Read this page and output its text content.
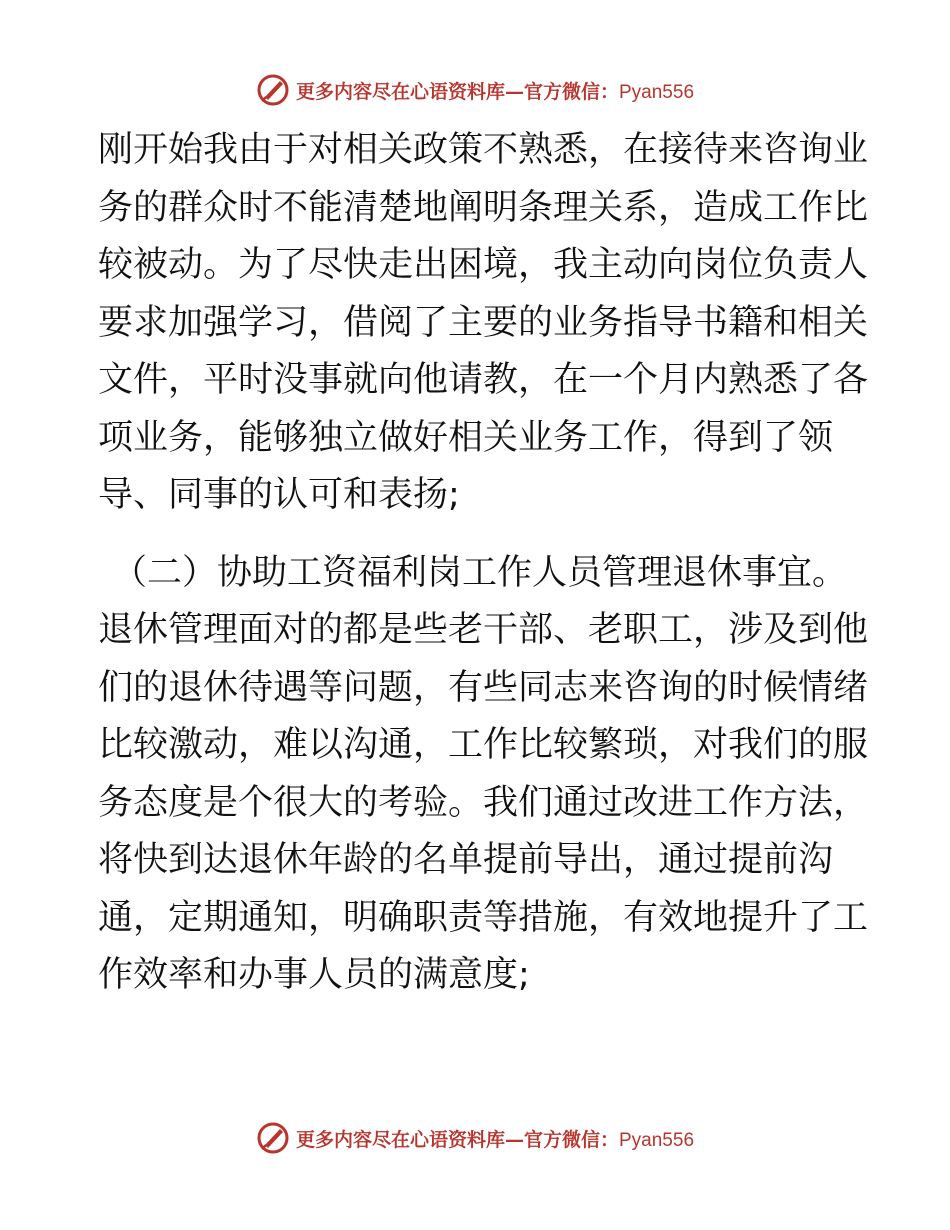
更多内容尽在心语资料库—官方微信：Pyan556
刚开始我由于对相关政策不熟悉，在接待来咨询业
务的群众时不能清楚地阐明条理关系，造成工作比
较被动。为了尽快走出困境，我主动向岗位负责人
要求加强学习，借阅了主要的业务指导书籍和相关
文件，平时没事就向他请教，在一个月内熟悉了各
项业务，能够独立做好相关业务工作，得到了领
导、同事的认可和表扬;
（二）协助工资福利岗工作人员管理退休事宜。
退休管理面对的都是些老干部、老职工，涉及到他
们的退休待遇等问题，有些同志来咨询的时候情绪
比较激动，难以沟通，工作比较繁琐，对我们的服
务态度是个很大的考验。我们通过改进工作方法，
将快到达退休年龄的名单提前导出，通过提前沟
通，定期通知，明确职责等措施，有效地提升了工
作效率和办事人员的满意度;
更多内容尽在心语资料库—官方微信：Pyan556
